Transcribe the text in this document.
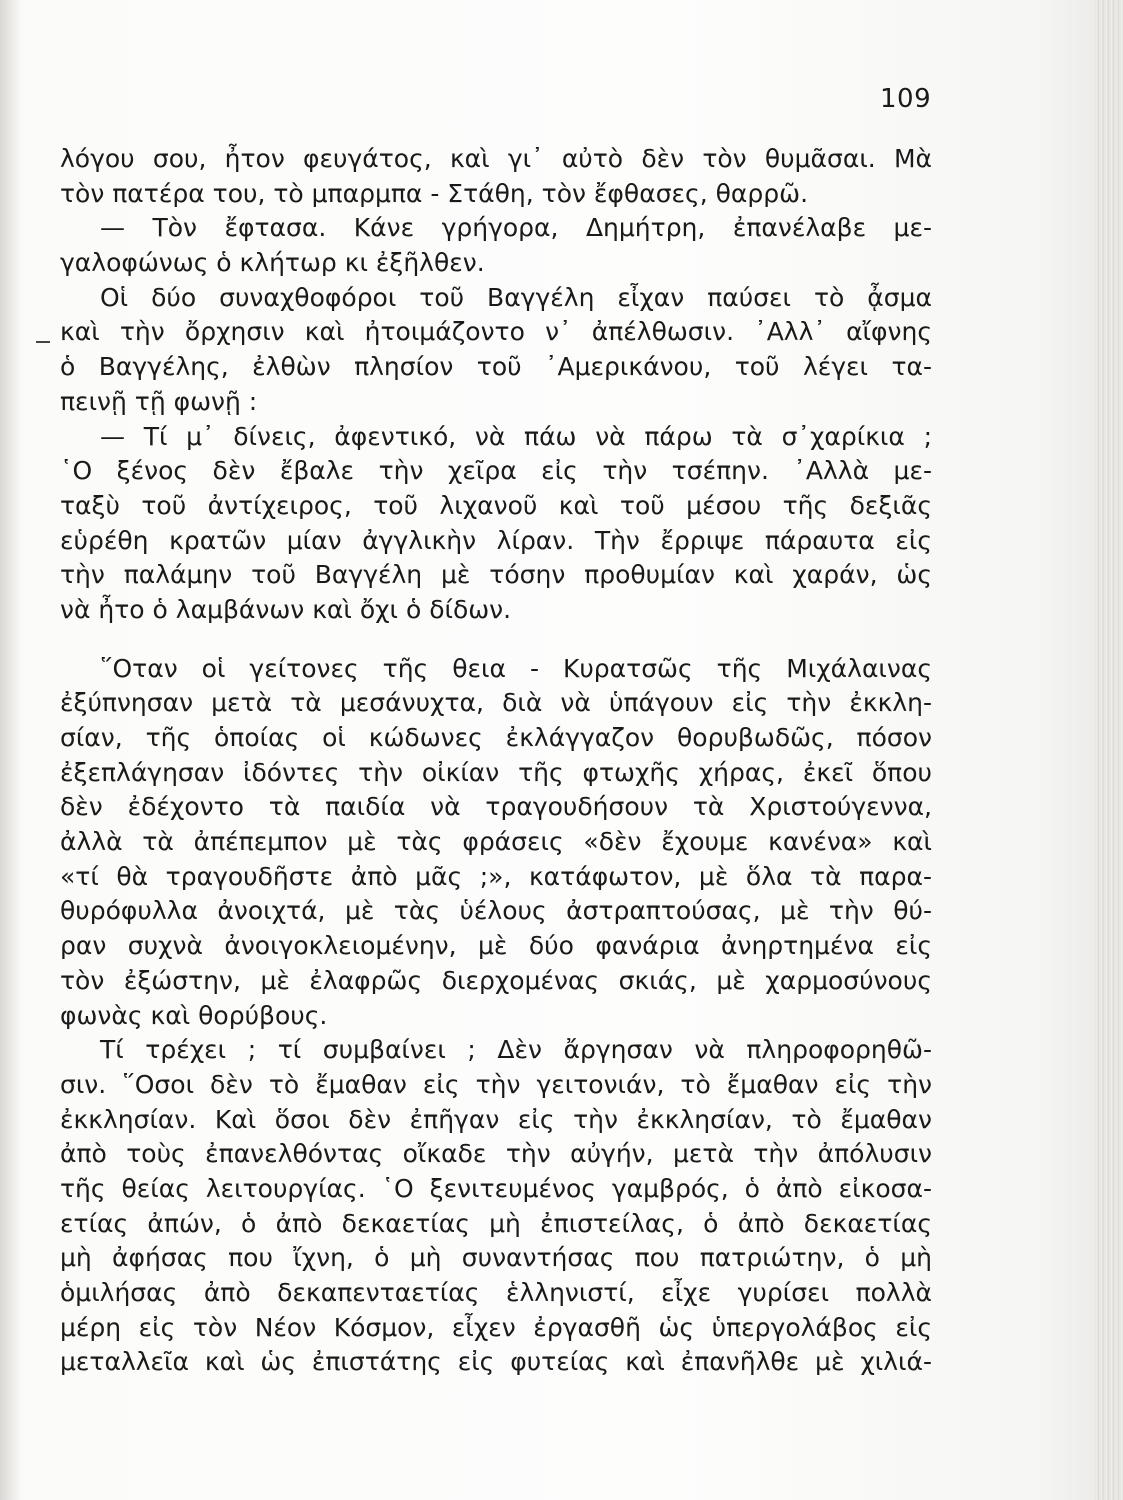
109
λόγου σου, ἦτον φευγάτος, καὶ γι᾽ αὐτὸ δὲν τὸν θυμᾶσαι. Μὰ
τὸν πατέρα του, τὸ μπαρμπα - Στάθη, τὸν ἔφθασες, θαρρῶ.
— Τὸν ἔφτασα. Κάνε γρήγορα, Δημήτρη, ἐπανέλαβε με-
γαλοφώνως ὁ κλήτωρ κι ἐξῆλθεν.
Οἱ δύο συναχθοφόροι τοῦ Βαγγέλη εἶχαν παύσει τὸ ᾆσμα
καὶ τὴν ὄρχησιν καὶ ἠτοιμάζοντο ν᾽ ἀπέλθωσιν. ᾽Αλλ᾽ αἴφνης
ὁ Βαγγέλης, ἐλθὼν πλησίον τοῦ ᾽Αμερικάνου, τοῦ λέγει τα-
πεινῇ τῇ φωνῇ :
— Τί μ᾽ δίνεις, ἀφεντικό, νὰ πάω νὰ πάρω τὰ σ᾽χαρίκια ;
῾Ο ξένος δὲν ἔβαλε τὴν χεῖρα εἰς τὴν τσέπην. ᾽Αλλὰ με-
ταξὺ τοῦ ἀντίχειρος, τοῦ λιχανοῦ καὶ τοῦ μέσου τῆς δεξιᾶς
εὑρέθη κρατῶν μίαν ἀγγλικὴν λίραν. Τὴν ἔρριψε πάραυτα εἰς
τὴν παλάμην τοῦ Βαγγέλη μὲ τόσην προθυμίαν καὶ χαράν, ὡς
νὰ ἦτο ὁ λαμβάνων καὶ ὄχι ὁ δίδων.
῞Οταν οἱ γείτονες τῆς θεια - Κυρατσῶς τῆς Μιχάλαινας
ἐξύπνησαν μετὰ τὰ μεσάνυχτα, διὰ νὰ ὑπάγουν εἰς τὴν ἐκκλη-
σίαν, τῆς ὁποίας οἱ κώδωνες ἐκλάγγαζον θορυβωδῶς, πόσον
ἐξεπλάγησαν ἰδόντες τὴν οἰκίαν τῆς φτωχῆς χήρας, ἐκεῖ ὅπου
δὲν ἐδέχοντο τὰ παιδία νὰ τραγουδήσουν τὰ Χριστούγεννα,
ἀλλὰ τὰ ἀπέπεμπον μὲ τὰς φράσεις «δὲν ἔχουμε κανένα» καὶ
«τί θὰ τραγουδῆστε ἀπὸ μᾶς ;», κατάφωτον, μὲ ὅλα τὰ παρα-
θυρόφυλλα ἀνοιχτά, μὲ τὰς ὑέλους ἀστραπτούσας, μὲ τὴν θύ-
ραν συχνὰ ἀνοιγοκλειομένην, μὲ δύο φανάρια ἀνηρτημένα εἰς
τὸν ἐξώστην, μὲ ἐλαφρῶς διερχομένας σκιάς, μὲ χαρμοσύνους
φωνὰς καὶ θορύβους.
Τί τρέχει ; τί συμβαίνει ; Δὲν ἄργησαν νὰ πληροφορηθῶ-
σιν. ῞Οσοι δὲν τὸ ἔμαθαν εἰς τὴν γειτονιάν, τὸ ἔμαθαν εἰς τὴν
ἐκκλησίαν. Καὶ ὅσοι δὲν ἐπῆγαν εἰς τὴν ἐκκλησίαν, τὸ ἔμαθαν
ἀπὸ τοὺς ἐπανελθόντας οἴκαδε τὴν αὐγήν, μετὰ τὴν ἀπόλυσιν
τῆς θείας λειτουργίας. ῾Ο ξενιτευμένος γαμβρός, ὁ ἀπὸ εἰκοσα-
ετίας ἀπών, ὁ ἀπὸ δεκαετίας μὴ ἐπιστείλας, ὁ ἀπὸ δεκαετίας
μὴ ἀφήσας που ἴχνη, ὁ μὴ συναντήσας που πατριώτην, ὁ μὴ
ὁμιλήσας ἀπὸ δεκαπενταετίας ἑλληνιστί, εἶχε γυρίσει πολλὰ
μέρη εἰς τὸν Νέον Κόσμον, εἶχεν ἐργασθῆ ὡς ὑπεργολάβος εἰς
μεταλλεῖα καὶ ὡς ἐπιστάτης εἰς φυτείας καὶ ἐπανῆλθε μὲ χιλιά-
